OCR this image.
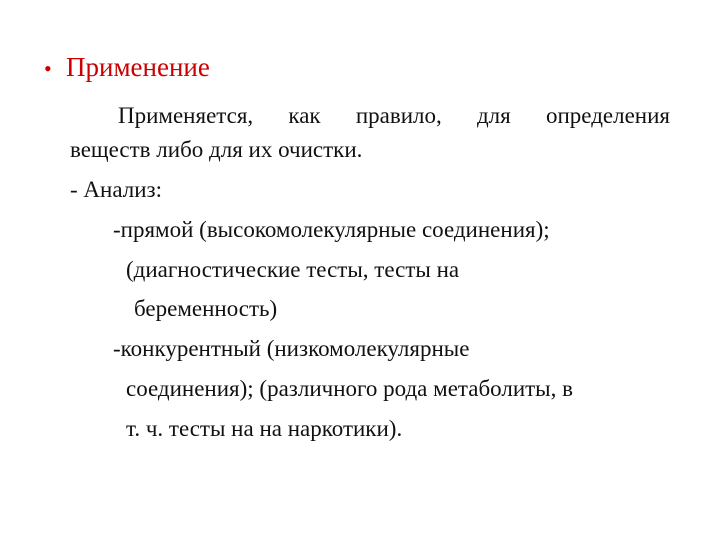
• Применение
Применяется, как правило, для определения
веществ либо для их очистки.
- Анализ:
-прямой (высокомолекулярные соединения);
(диагностические тесты, тесты на
беременность)
-конкурентный (низкомолекулярные
соединения); (различного рода метаболиты, в
т. ч. тесты на на наркотики).
